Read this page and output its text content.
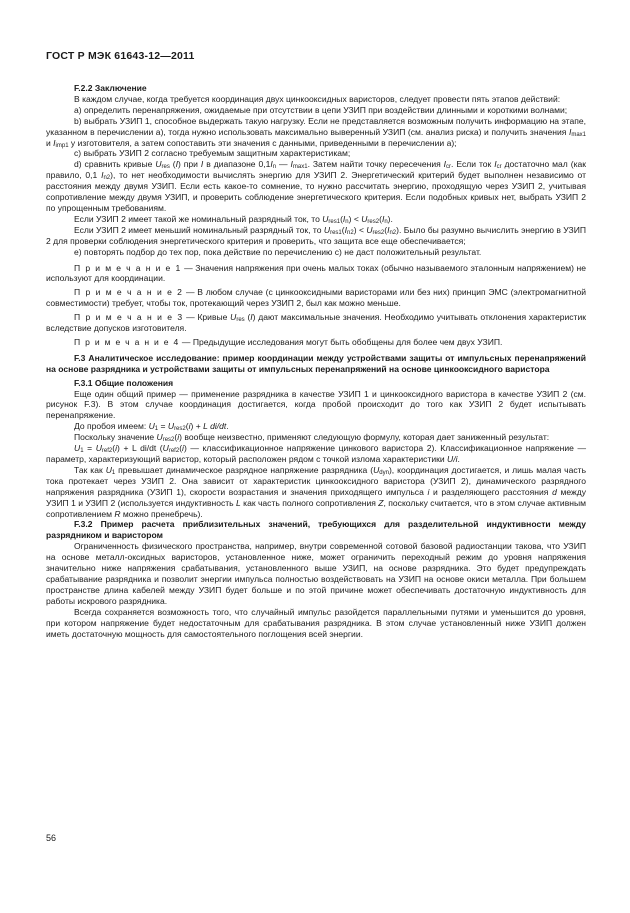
ГОСТ Р МЭК 61643-12—2011

F.2.2 Заключение

В каждом случае, когда требуется координация двух цинкооксидных варисторов, следует провести пять этапов действий:

а) определить перенапряжения, ожидаемые при отсутствии в цепи УЗИП при воздействии длинными и короткими волнами;

b) выбрать УЗИП 1, способное выдержать такую нагрузку. Если не представляется возможным получить информацию на этапе, указанном в перечислении а), тогда нужно использовать максимально выверенный УЗИП (см. анализ риска) и получить значения $I_{max1}$ и $I_{imp1}$ у изготовителя, а затем сопоставить эти значения с данными, приведенными в перечислении а);

с) выбрать УЗИП 2 согласно требуемым защитным характеристикам;

d) сравнить кривые $U_{res}$ (I) при I в диапазоне $0,1I_n$ — $I_{max1}$. Затем найти точку пересечения $I_{cr}$. Если ток $I_{cr}$ достаточно мал (как правило, 0,1 $I_{n2}$), то нет необходимости вычислять энергию для УЗИП 2. Энергетический критерий будет выполнен независимо от расстояния между двумя УЗИП. Если есть какое-то сомнение, то нужно рассчитать энергию, проходящую через УЗИП 2, учитывая сопротивление между двумя УЗИП, и проверить соблюдение энергетического критерия. Если подобных кривых нет, выбрать УЗИП 2 по упрощенным требованиям.

Если УЗИП 2 имеет такой же номинальный разрядный ток, то $U_{res1}(I_n) < U_{res2}(I_n)$.

Если УЗИП 2 имеет меньший номинальный разрядный ток, то $U_{res1}(I_{n2}) < U_{res2}(I_{n2})$. Было бы разумно вычислить энергию в УЗИП 2 для проверки соблюдения энергетического критерия и проверить, что защита все еще обеспечивается;

е) повторять подбор до тех пор, пока действие по перечислению с) не даст положительный результат.

П р и м е ч а н и е 1 — Значения напряжения при очень малых токах (обычно называемого эталонным напряжением) не используют для координации.

П р и м е ч а н и е 2 — В любом случае (с цинкооксидными варисторами или без них) принцип ЭМС (электромагнитной совместимости) требует, чтобы ток, протекающий через УЗИП 2, был как можно меньше.

П р и м е ч а н и е 3 — Кривые $U_{res}$ (I) дают максимальные значения. Необходимо учитывать отклонения характеристик вследствие допусков изготовителя.

П р и м е ч а н и е 4 — Предыдущие исследования могут быть обобщены для более чем двух УЗИП.

F.3 Аналитическое исследование: пример координации между устройствами защиты от импульсных перенапряжений на основе разрядника и устройствами защиты от импульсных перенапряжений на основе цинкооксидного варистора

F.3.1 Общие положения

Еще один общий пример — применение разрядника в качестве УЗИП 1 и цинкооксидного варистора в качестве УЗИП 2 (см. рисунок F.3). В этом случае координация достигается, когда пробой происходит до того как УЗИП 2 будет испытывать перенапряжение.

До пробоя имеем: $U_1 = U_{res2}(i) + L$ di/dt.

Поскольку значение $U_{res2}(i)$ вообще неизвестно, применяют следующую формулу, которая дает заниженный результат:

$U_1 = U_{ref2}(i) + L$ di/dt ($U_{ref2}(i)$ — классификационное напряжение цинкового варистора 2). Классификационное напряжение — параметр, характеризующий варистор, который расположен рядом с точкой излома характеристики U/i.

Так как $U_1$ превышает динамическое разрядное напряжение разрядника $(U_{dyn})$, координация достигается, и лишь малая часть тока протекает через УЗИП 2. Она зависит от характеристик цинкооксидного варистора (УЗИП 2), динамического разрядного напряжения разрядника (УЗИП 1), скорости возрастания и значения приходящего импульса i и разделяющего расстояния d между УЗИП 1 и УЗИП 2 (используется индуктивность L как часть полного сопротивления Z, поскольку считается, что в этом случае активным сопротивлением R можно пренебречь).

F.3.2 Пример расчета приблизительных значений, требующихся для разделительной индуктивности между разрядником и варистором

Ограниченность физического пространства, например, внутри современной сотовой базовой радиостанции такова, что УЗИП на основе металл-оксидных варисторов, установленное ниже, может ограничить переходный режим до уровня напряжения значительно ниже напряжения срабатывания, установленного выше УЗИП, на основе разрядника. Это будет предупреждать срабатывание разрядника и позволит энергии импульса полностью воздействовать на УЗИП на основе окиси металла. При большем пространстве длина кабелей между УЗИП будет больше и по этой причине может обеспечивать достаточную индуктивность для работы искрового разрядника.

Всегда сохраняется возможность того, что случайный импульс разойдется параллельными путями и уменьшится до уровня, при котором напряжение будет недостаточным для срабатывания разрядника. В этом случае установленный ниже УЗИП должен иметь достаточную мощность для самостоятельного поглощения всей энергии.

56
